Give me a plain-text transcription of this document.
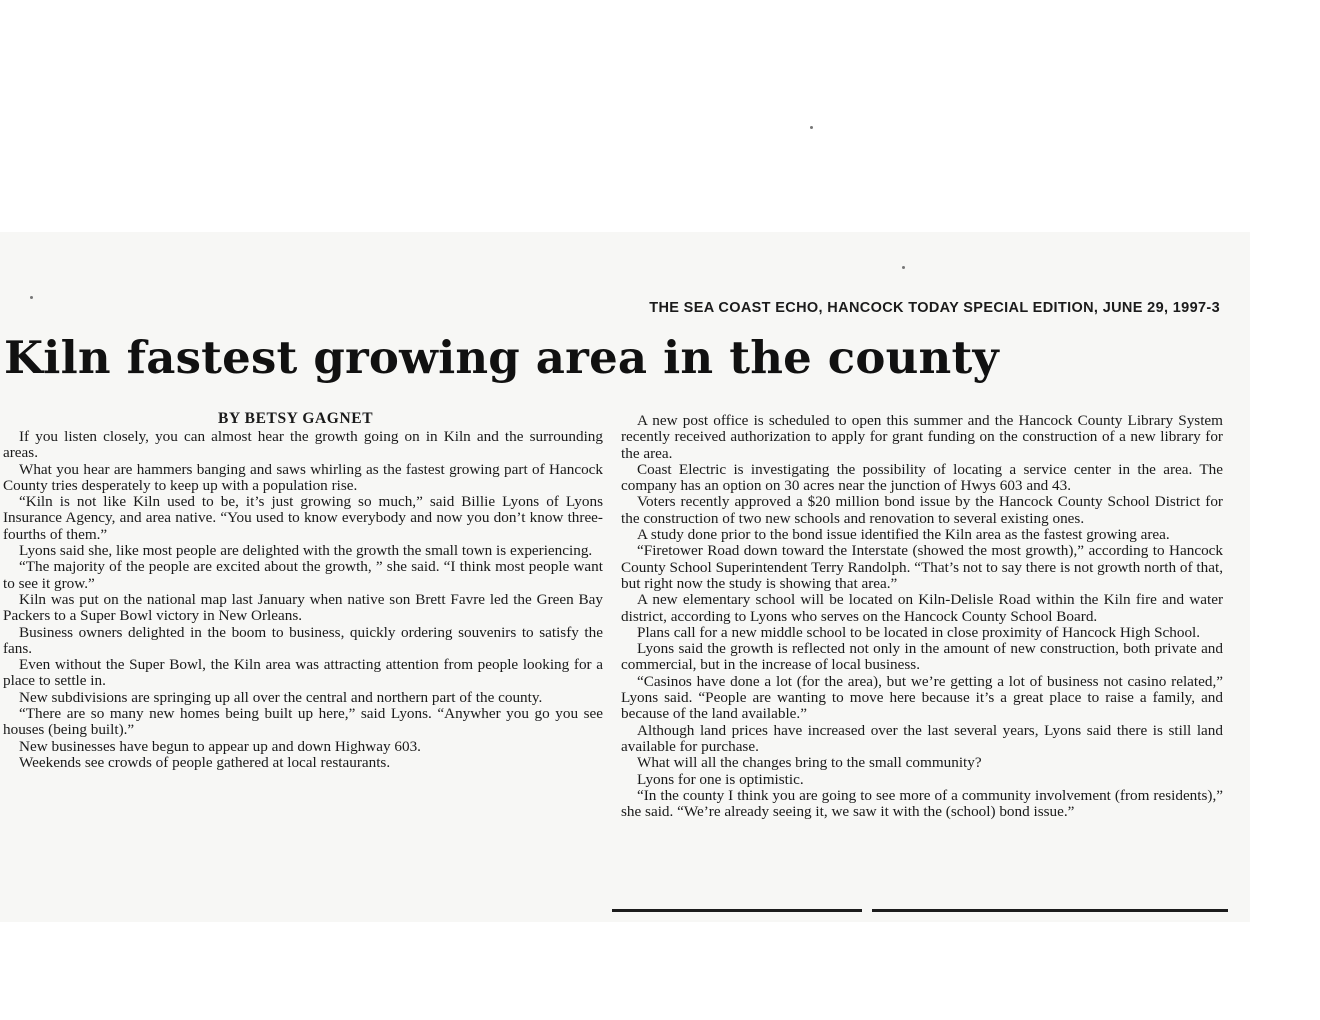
THE SEA COAST ECHO, HANCOCK TODAY SPECIAL EDITION, JUNE 29, 1997-3
Kiln fastest growing area in the county
BY BETSY GAGNET

If you listen closely, you can almost hear the growth going on in Kiln and the surrounding areas.

What you hear are hammers banging and saws whirling as the fastest growing part of Hancock County tries desperately to keep up with a population rise.

“Kiln is not like Kiln used to be, it’s just growing so much,” said Billie Lyons of Lyons Insurance Agency, and area native. “You used to know everybody and now you don’t know three-fourths of them.”

Lyons said she, like most people are delighted with the growth the small town is experiencing.

“The majority of the people are excited about the growth, ” she said. “I think most people want to see it grow.”

Kiln was put on the national map last January when native son Brett Favre led the Green Bay Packers to a Super Bowl victory in New Orleans.

Business owners delighted in the boom to business, quickly ordering souvenirs to satisfy the fans.

Even without the Super Bowl, the Kiln area was attracting attention from people looking for a place to settle in.

New subdivisions are springing up all over the central and northern part of the county.

“There are so many new homes being built up here,” said Lyons. “Anywher you go you see houses (being built).”

New businesses have begun to appear up and down Highway 603.

Weekends see crowds of people gathered at local restaurants.

A new post office is scheduled to open this summer and the Hancock County Library System recently received authorization to apply for grant funding on the construction of a new library for the area.

Coast Electric is investigating the possibility of locating a service center in the area. The company has an option on 30 acres near the junction of Hwys 603 and 43.

Voters recently approved a $20 million bond issue by the Hancock County School District for the construction of two new schools and renovation to several existing ones.

A study done prior to the bond issue identified the Kiln area as the fastest growing area.

“Firetower Road down toward the Interstate (showed the most growth),” according to Hancock County School Superintendent Terry Randolph. “That’s not to say there is not growth north of that, but right now the study is showing that area.”

A new elementary school will be located on Kiln-Delisle Road within the Kiln fire and water district, according to Lyons who serves on the Hancock County School Board.

Plans call for a new middle school to be located in close proximity of Hancock High School.

Lyons said the growth is reflected not only in the amount of new construction, both private and commercial, but in the increase of local business.

“Casinos have done a lot (for the area), but we’re getting a lot of business not casino related,” Lyons said. “People are wanting to move here because it’s a great place to raise a family, and because of the land available.”

Although land prices have increased over the last several years, Lyons said there is still land available for purchase.

What will all the changes bring to the small community?

Lyons for one is optimistic.

“In the county I think you are going to see more of a community involvement (from residents),” she said. “We’re already seeing it, we saw it with the (school) bond issue.”
